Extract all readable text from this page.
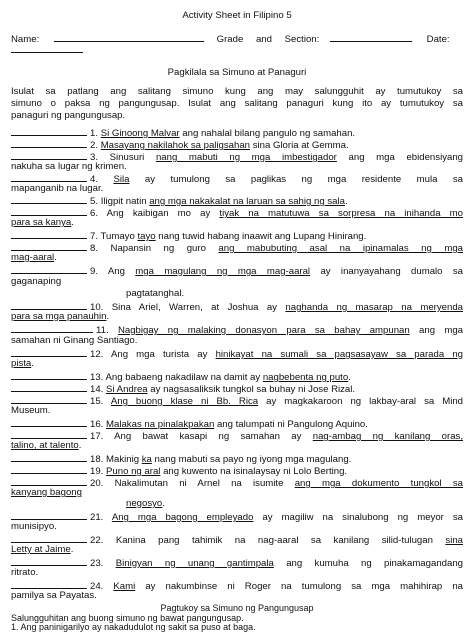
Activity Sheet in Filipino 5
Name:	Grade and Section:	Date:
Pagkilala sa Simuno at Panaguri
Isulat sa patlang ang salitang simuno kung ang may salungguhit ay tumutukoy sa
simuno o paksa ng pangungusap. Isulat ang salitang panaguri kung ito ay tumutukoy sa
panaguri ng pangungusap.
1. Si Ginoong Malvar ang nahalal bilang pangulo ng samahan.
2. Masayang nakilahok sa paligsahan sina Gloria at Gemma.
3. Sinusuri nang mabuti ng mga imbestigador ang mga ebidensiyang
nakuha sa lugar ng krimen.
4. Sila ay tumulong sa paglikas ng mga residente mula sa
mapanganib na lugar.
5. Iligpit natin ang mga nakakalat na laruan sa sahig ng sala.
6. Ang kaibigan mo ay tiyak na matutuwa sa sorpresa na inihanda mo
para sa kanya.
7. Tumayo tayo nang tuwid habang inaawit ang Lupang Hinirang.
8. Napansin ng guro ang mabubuting asal na ipinamalas ng mga
mag-aaral.
9. Ang mga magulang ng mga mag-aaral ay inanyayahang dumalo sa
gaganaping
pagtatanghal.
10. Sina Ariel, Warren, at Joshua ay naghanda ng masarap na meryenda
para sa mga panauhin.
11. Nagbigay ng malaking donasyon para sa bahay ampunan ang mga
samahan ni Ginang Santiago.
12. Ang mga turista ay hinikayat na sumali sa pagsasayaw sa parada ng
pista.
13. Ang babaeng nakadilaw na damit ay nagbebenta ng puto.
14. Si Andrea ay nagsasaliksik tungkol sa buhay ni Jose Rizal.
15. Ang buong klase ni Bb. Rica ay magkakaroon ng lakbay-aral sa Mind
Museum.
16. Malakas na pinalakpakan ang talumpati ni Pangulong Aquino.
17. Ang bawat kasapi ng samahan ay nag-ambag ng kanilang oras,
talino, at talento.
18. Makinig ka nang mabuti sa payo ng iyong mga magulang.
19. Puno ng aral ang kuwento na isinalaysay ni Lolo Berting.
20. Nakalimutan ni Arnel na isumite ang mga dokumento tungkol sa
kanyang bagong
negosyo.
21. Ang mga bagong empleyado ay magiliw na sinalubong ng meyor sa
munisipyo.
22. Kanina pang tahimik na nag-aaral sa kanilang silid-tulugan sina
Letty at Jaime.
23. Binigyan ng unang gantimpala ang kumuha ng pinakamagandang
ritrato.
24. Kami ay nakumbinse ni Roger na tumulong sa mga mahihirap na
pamilya sa Payatas.
Pagtukoy sa Simuno ng Pangungusap
Salungguhitan ang buong simuno ng bawat pangungusap.
1. Ang paninigarilyo ay nakadudulot ng sakit sa puso at baga.
